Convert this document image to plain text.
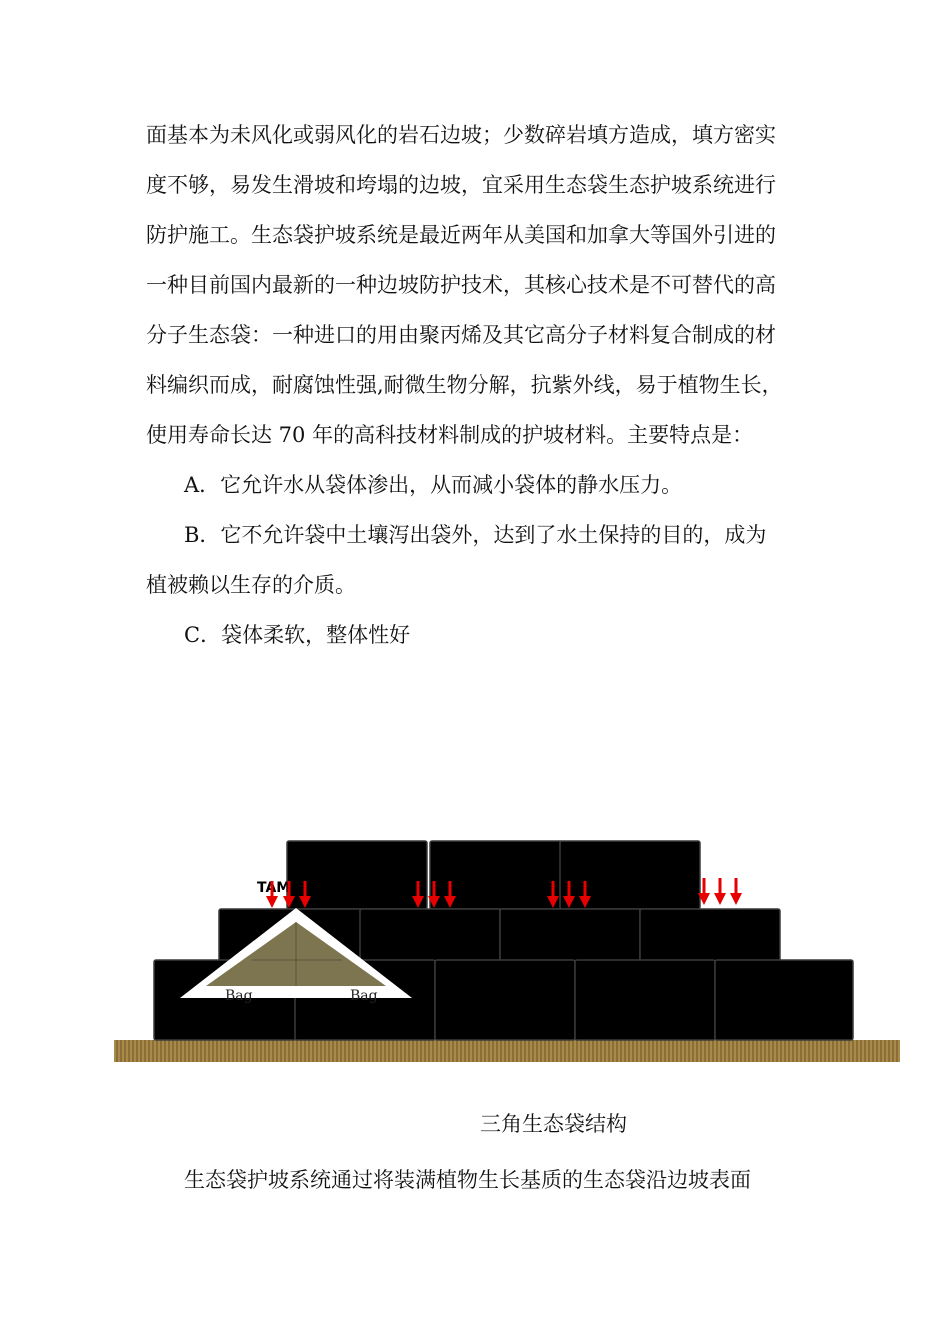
面基本为未风化或弱风化的岩石边坡；少数碎岩填方造成，填方密实
度不够，易发生滑坡和垮塌的边坡，宜采用生态袋生态护坡系统进行
防护施工。生态袋护坡系统是最近两年从美国和加拿大等国外引进的
一种目前国内最新的一种边坡防护技术，其核心技术是不可替代的高
分子生态袋：一种进口的用由聚丙烯及其它高分子材料复合制成的材
料编织而成，耐腐蚀性强,耐微生物分解，抗紫外线，易于植物生长，
使用寿命长达 70 年的高科技材料制成的护坡材料。主要特点是：
A．它允许水从袋体渗出，从而减小袋体的静水压力。
B．它不允许袋中土壤泻出袋外，达到了水土保持的目的，成为
植被赖以生存的介质。
C．袋体柔软，整体性好
Bag	Bag
TAM
三角生态袋结构
生态袋护坡系统通过将装满植物生长基质的生态袋沿边坡表面
